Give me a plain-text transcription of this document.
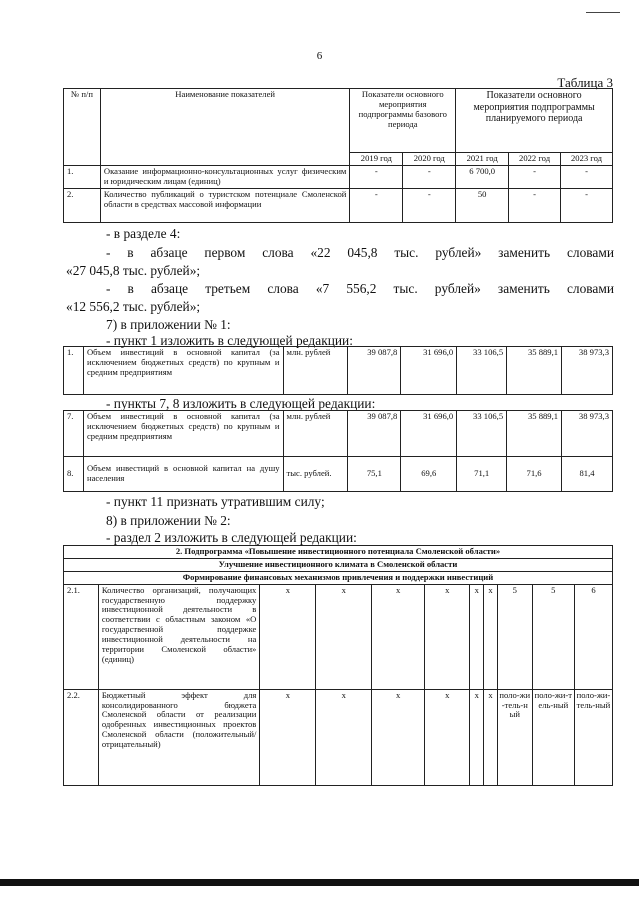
6
Таблица 3
№ п/п	Наименование показателей	Показатели основного мероприятия подпрограммы базового периода		Показатели основного мероприятия подпрограммы планируемого периода		
		2019 год	2020 год	2021 год	2022 год	2023 год
1.	Оказание информационно-консультационных услуг физическим и юридическим лицам (единиц)	-	-	6 700,0	-	-
2.	Количество публикаций о туристском потенциале Смоленской области в средствах массовой информации	-	-	50	-	-
- в разделе 4:
- в абзаце первом слова «22 045,8 тыс. рублей» заменить словами
«27 045,8 тыс. рублей»;
- в абзаце третьем слова «7 556,2 тыс. рублей» заменить словами
«12 556,2 тыс. рублей»;
7) в приложении № 1:
- пункт 1 изложить в следующей редакции:
1.	Объем инвестиций в основной капитал (за исключением бюджетных средств) по крупным и средним предприятиям	млн. рублей	39 087,8	31 696,0	33 106,5	35 889,1	38 973,3
- пункты 7, 8 изложить в следующей редакции:
7.	Объем инвестиций в основной капитал (за исключением бюджетных средств) по крупным и средним предприятиям	млн. рублей	39 087,8	31 696,0	33 106,5	35 889,1	38 973,3
8.	Объем инвестиций в основной капитал на душу населения	тыс. рублей.	75,1	69,6	71,1	71,6	81,4
- пункт 11 признать утратившим силу;
8) в приложении № 2:
- раздел 2 изложить в следующей редакции:
2. Подпрограмма «Повышение инвестиционного потенциала Смоленской области»										
Улучшение инвестиционного климата в Смоленской области										
Формирование финансовых механизмов привлечения и поддержки инвестиций										
2.1.	Количество организаций, получающих государственную поддержку инвестиционной деятельности в соответствии с областным законом «О государственной поддержке инвестиционной деятельности на территории Смоленской области» (единиц)	х	х	х	х	х	х	5	5	6
2.2.	Бюджетный эффект для консолидированного бюджета Смоленской области от реализации одобренных инвестиционных проектов Смоленской области (положительный/ отрицательный)	х	х	х	х	х	х	поло-жи-тель-ный	поло-жи-тель-ный	поло-жи-тель-ный
